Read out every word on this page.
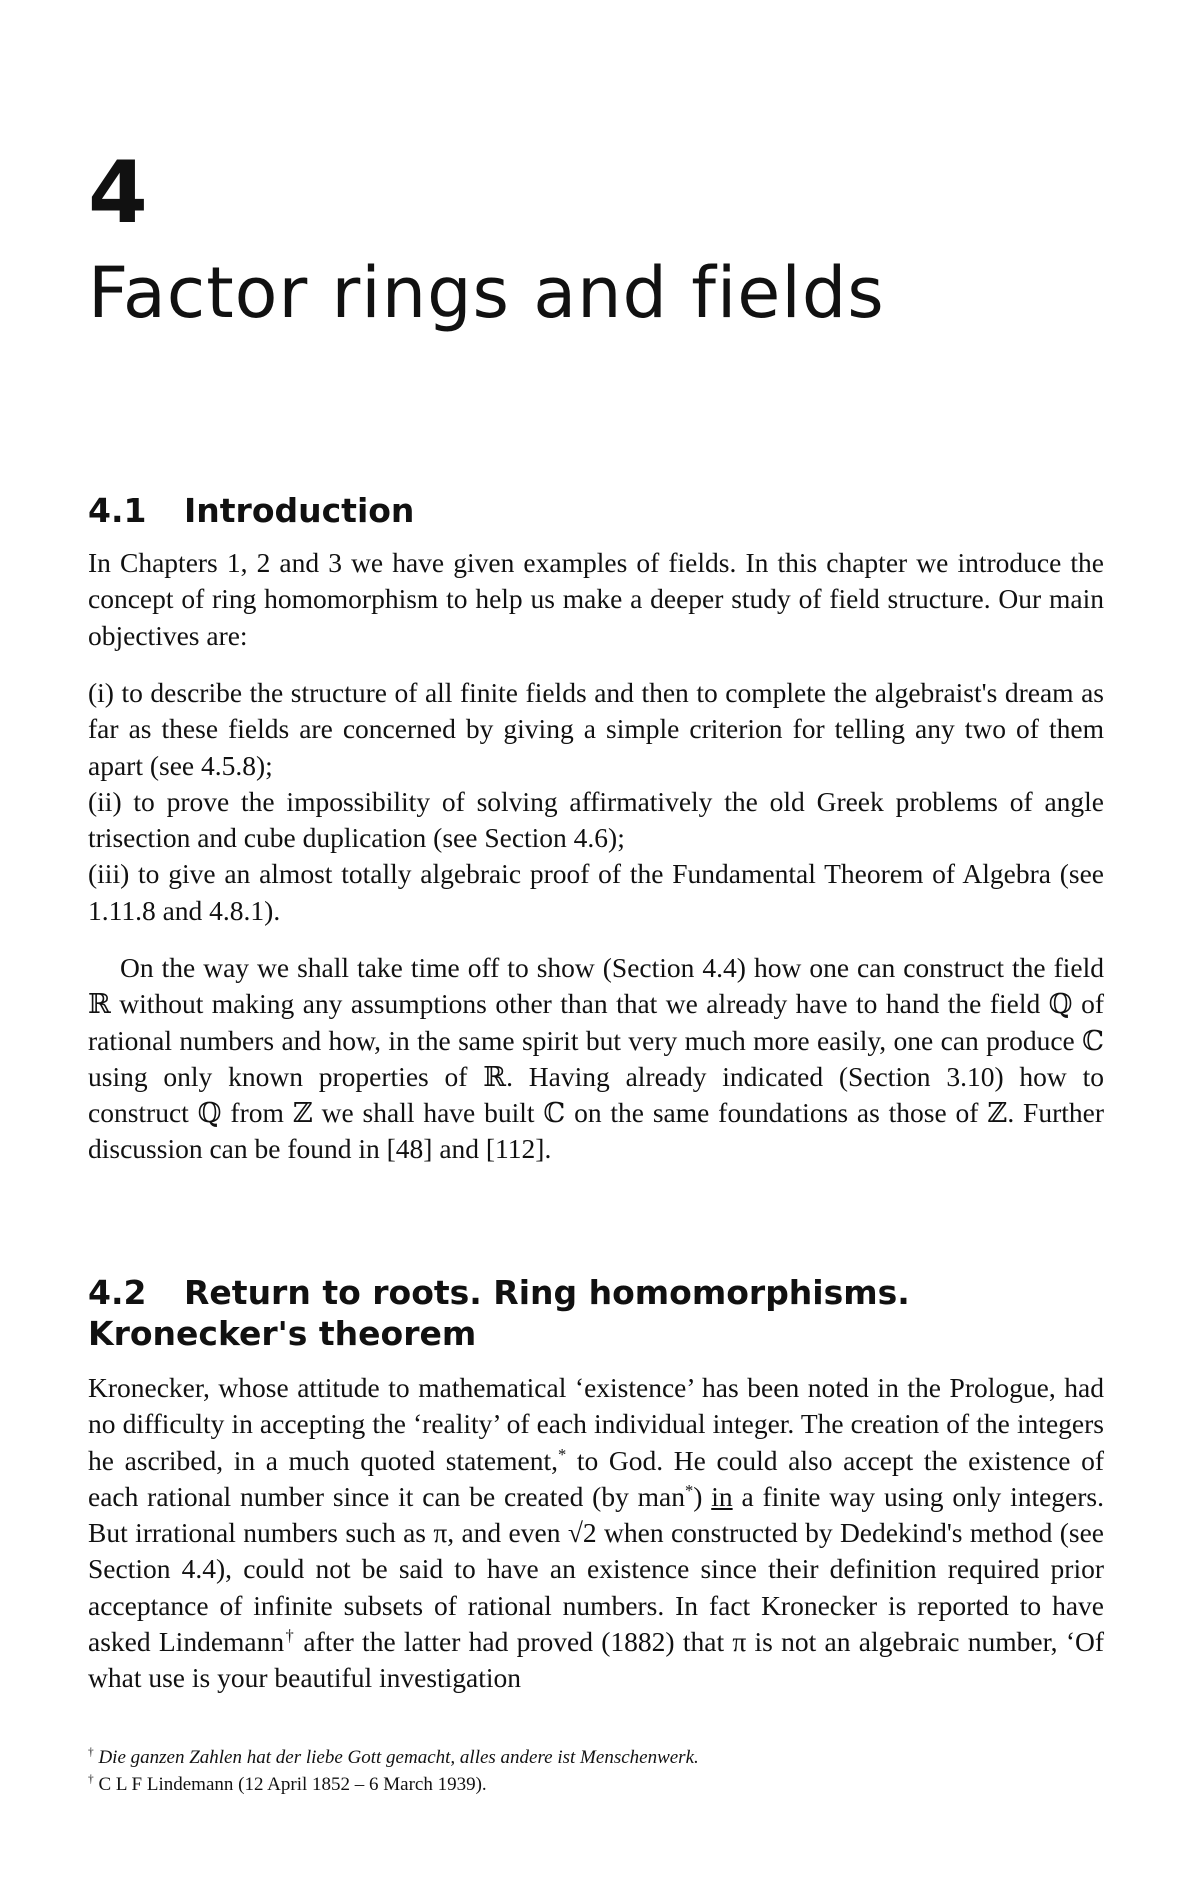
4
Factor rings and fields
4.1 Introduction

In Chapters 1, 2 and 3 we have given examples of fields. In this chapter we introduce the concept of ring homomorphism to help us make a deeper study of field structure. Our main objectives are:

(i) to describe the structure of all finite fields and then to complete the algebraist's dream as far as these fields are concerned by giving a simple criterion for telling any two of them apart (see 4.5.8);
(ii) to prove the impossibility of solving affirmatively the old Greek problems of angle trisection and cube duplication (see Section 4.6);
(iii) to give an almost totally algebraic proof of the Fundamental Theorem of Algebra (see 1.11.8 and 4.8.1).

On the way we shall take time off to show (Section 4.4) how one can construct the field ℝ without making any assumptions other than that we already have to hand the field ℚ of rational numbers and how, in the same spirit but very much more easily, one can produce ℂ using only known properties of ℝ. Having already indicated (Section 3.10) how to construct ℚ from ℤ we shall have built ℂ on the same foundations as those of ℤ. Further discussion can be found in [48] and [112].

4.2 Return to roots. Ring homomorphisms.
Kronecker's theorem

Kronecker, whose attitude to mathematical ‘existence’ has been noted in the Prologue, had no difficulty in accepting the ‘reality’ of each individual integer. The creation of the integers he ascribed, in a much quoted statement,* to God. He could also accept the existence of each rational number since it can be created (by man*) in a finite way using only integers. But irrational numbers such as π, and even √2 when constructed by Dedekind's method (see Section 4.4), could not be said to have an existence since their definition required prior acceptance of infinite subsets of rational numbers. In fact Kronecker is reported to have asked Lindemann† after the latter had proved (1882) that π is not an algebraic number, ‘Of what use is your beautiful investigation

† Die ganzen Zahlen hat der liebe Gott gemacht, alles andere ist Menschenwerk.
† C L F Lindemann (12 April 1852 – 6 March 1939).
